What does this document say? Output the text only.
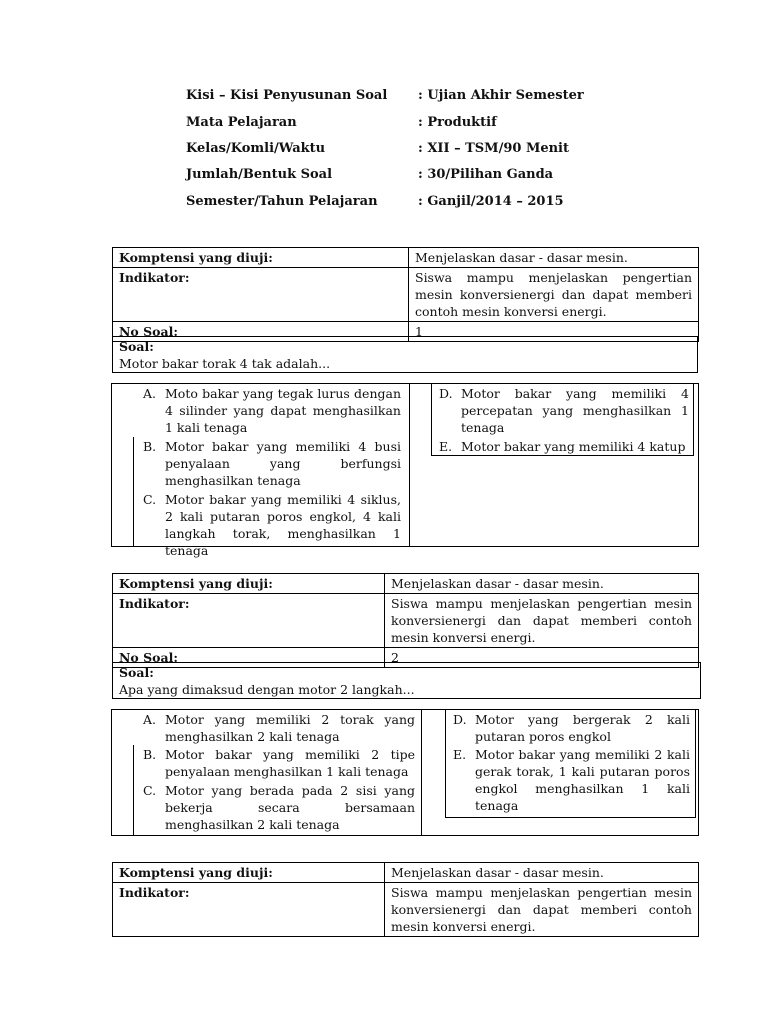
Kisi – Kisi Penyusunan Soal : Ujian Akhir Semester
Mata Pelajaran	: Produktif
Kelas/Komli/Waktu	: XII – TSM/90 Menit
Jumlah/Bentuk Soal	: 30/Pilihan Ganda
Semester/Tahun Pelajaran	: Ganjil/2014 – 2015
Komptensi yang diuji:	Menjelaskan dasar - dasar mesin.
Indikator:	Siswa mampu menjelaskan pengertian mesin konversienergi dan dapat memberi contoh mesin konversi energi.
No Soal:	1
Soal:
Motor bakar torak 4 tak adalah...
A. Moto bakar yang tegak lurus dengan 4 silinder yang dapat menghasilkan 1 kali tenaga
B. Motor bakar yang memiliki 4 busi penyalaan yang berfungsi menghasilkan tenaga
C. Motor bakar yang memiliki 4 siklus, 2 kali putaran poros engkol, 4 kali langkah torak, menghasilkan 1 tenaga
D. Motor bakar yang memiliki 4 percepatan yang menghasilkan 1 tenaga
E. Motor bakar yang memiliki 4 katup
Komptensi yang diuji:	Menjelaskan dasar - dasar mesin.
Indikator:	Siswa mampu menjelaskan pengertian mesin konversienergi dan dapat memberi contoh mesin konversi energi.
No Soal:	2
Soal:
Apa yang dimaksud dengan motor 2 langkah...
A. Motor yang memiliki 2 torak yang menghasilkan 2 kali tenaga
B. Motor bakar yang memiliki 2 tipe penyalaan menghasilkan 1 kali tenaga
C. Motor yang berada pada 2 sisi yang bekerja secara bersamaan menghasilkan 2 kali tenaga
D. Motor yang bergerak 2 kali putaran poros engkol
E. Motor bakar yang memiliki 2 kali gerak torak, 1 kali putaran poros engkol menghasilkan 1 kali tenaga
Komptensi yang diuji:	Menjelaskan dasar - dasar mesin.
Indikator:	Siswa mampu menjelaskan pengertian mesin konversienergi dan dapat memberi contoh mesin konversi energi.
